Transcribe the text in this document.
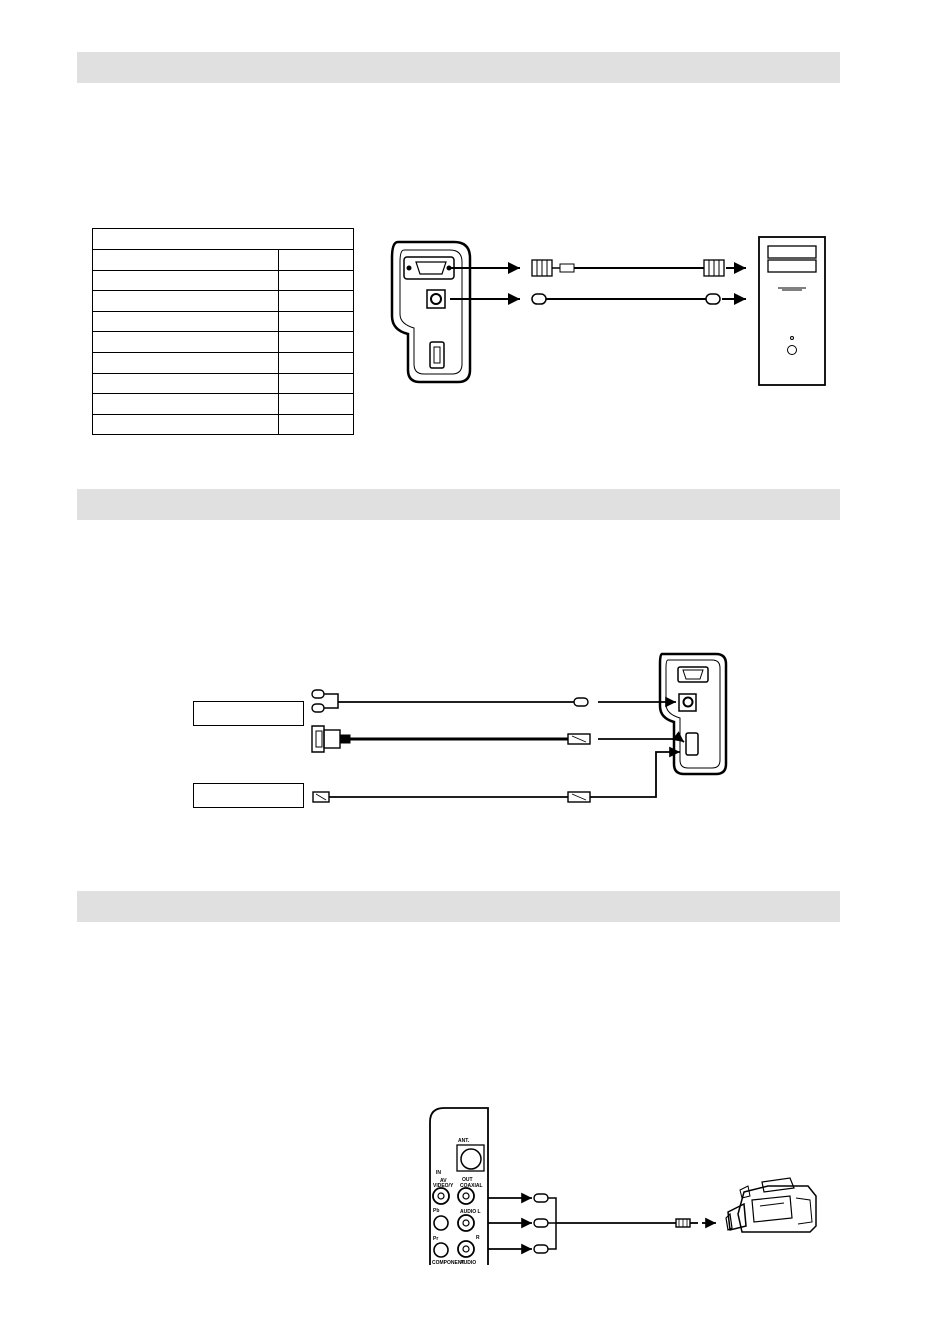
ANT.
IN
AV	OUT
VIDEO/Y COAXIAL
Pb	AUDIO L
Pr	R
COMPONENT
AUDIO
